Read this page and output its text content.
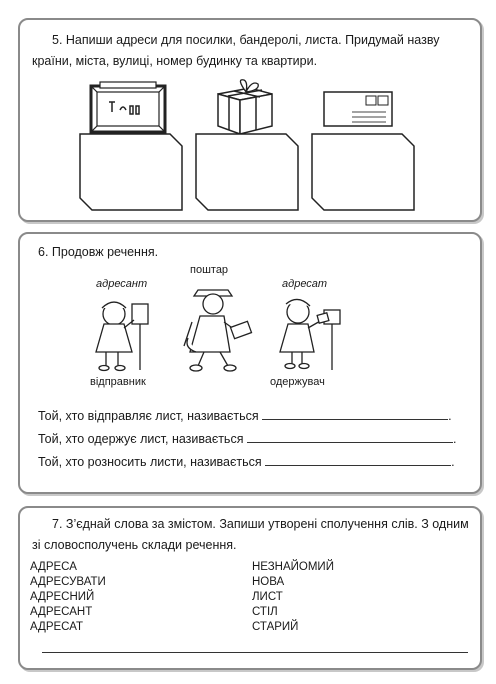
5. Напиши адреси для посилки, бандеролі, листа. Придумай назву країни, міста, вулиці, номер будинку та квартири.
6. Продовж речення.
адресант
поштар
адресат
відправник	одержувач
Той, хто відправляє лист, називається	.
Той, хто одержує лист, називається	.
Той, хто розносить листи, називається	.
7. З’єднай слова за змістом. Запиши утворені сполучення слів. З одним
зі словосполучень склади речення.
АДРЕСА
АДРЕСУВАТИ
АДРЕСНИЙ
АДРЕСАНТ
АДРЕСАТ
НЕЗНАЙОМИЙ
НОВА
ЛИСТ
СТІЛ
СТАРИЙ
